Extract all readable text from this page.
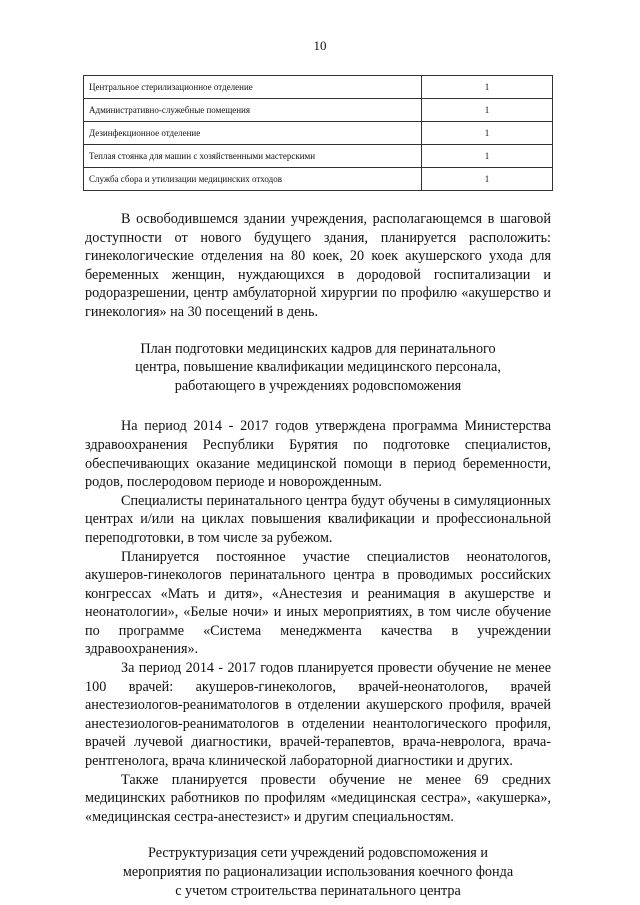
10
Центральное стерилизационное отделение	1
Административно-служебные помещения	1
Дезинфекционное отделение	1
Теплая стоянка для машин с хозяйственными мастерскими	1
Служба сбора и утилизации медицинских отходов	1

В освободившемся здании учреждения, располагающемся в шаговой доступности от нового будущего здания, планируется расположить: гинекологические отделения на 80 коек, 20 коек акушерского ухода для беременных женщин, нуждающихся в дородовой госпитализации и родоразрешении, центр амбулаторной хирургии по профилю «акушерство и гинекология» на 30 посещений в день.

План подготовки медицинских кадров для перинатального
центра, повышение квалификации медицинского персонала,
работающего в учреждениях родовспоможения

На период 2014 - 2017 годов утверждена программа Министерства здравоохранения Республики Бурятия по подготовке специалистов, обеспечивающих оказание медицинской помощи в период беременности, родов, послеродовом периоде и новорожденным.

Специалисты перинатального центра будут обучены в симуляционных центрах и/или на циклах повышения квалификации и профессиональной переподготовки, в том числе за рубежом.

Планируется постоянное участие специалистов неонатологов, акушеров-гинекологов перинатального центра в проводимых российских конгрессах «Мать и дитя», «Анестезия и реанимация в акушерстве и неонатологии», «Белые ночи» и иных мероприятиях, в том числе обучение по программе «Система менеджмента качества в учреждении здравоохранения».

За период 2014 - 2017 годов планируется провести обучение не менее 100 врачей: акушеров-гинекологов, врачей-неонатологов, врачей анестезиологов-реаниматологов в отделении акушерского профиля, врачей анестезиологов-реаниматологов в отделении неантологического профиля, врачей лучевой диагностики, врачей-терапевтов, врача-невролога, врача-рентгенолога, врача клинической лабораторной диагностики и других.

Также планируется провести обучение не менее 69 средних медицинских работников по профилям «медицинская сестра», «акушерка», «медицинская сестра-анестезист» и другим специальностям.

Реструктуризация сети учреждений родовспоможения и
мероприятия по рационализации использования коечного фонда
с учетом строительства перинатального центра
